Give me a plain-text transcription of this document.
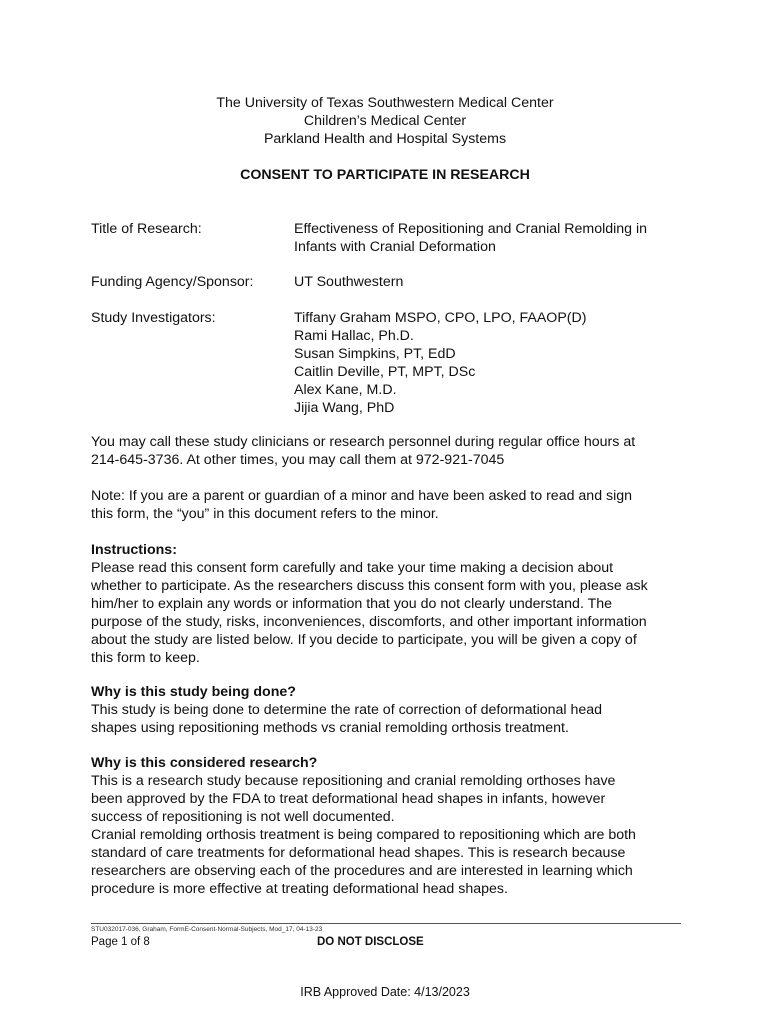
The University of Texas Southwestern Medical Center
Children’s Medical Center
Parkland Health and Hospital Systems
CONSENT TO PARTICIPATE IN RESEARCH
Title of Research:	Effectiveness of Repositioning and Cranial Remolding in
Infants with Cranial Deformation
Funding Agency/Sponsor:	UT Southwestern
Study Investigators:	Tiffany Graham MSPO, CPO, LPO, FAAOP(D)
Rami Hallac, Ph.D.
Susan Simpkins, PT, EdD
Caitlin Deville, PT, MPT, DSc
Alex Kane, M.D.
Jijia Wang, PhD
You may call these study clinicians or research personnel during regular office hours at
214-645-3736. At other times, you may call them at 972-921-7045
Note: If you are a parent or guardian of a minor and have been asked to read and sign
this form, the “you” in this document refers to the minor.
Instructions:
Please read this consent form carefully and take your time making a decision about
whether to participate. As the researchers discuss this consent form with you, please ask
him/her to explain any words or information that you do not clearly understand. The
purpose of the study, risks, inconveniences, discomforts, and other important information
about the study are listed below. If you decide to participate, you will be given a copy of
this form to keep.
Why is this study being done?
This study is being done to determine the rate of correction of deformational head
shapes using repositioning methods vs cranial remolding orthosis treatment.
Why is this considered research?
This is a research study because repositioning and cranial remolding orthoses have
been approved by the FDA to treat deformational head shapes in infants, however
success of repositioning is not well documented.
Cranial remolding orthosis treatment is being compared to repositioning which are both
standard of care treatments for deformational head shapes. This is research because
researchers are observing each of the procedures and are interested in learning which
procedure is more effective at treating deformational head shapes.
STU032017-036, Graham, FormE-Consent-Normal-Subjects, Mod_17, 04-13-23
Page 1 of 8	DO NOT DISCLOSE
IRB Approved Date: 4/13/2023
